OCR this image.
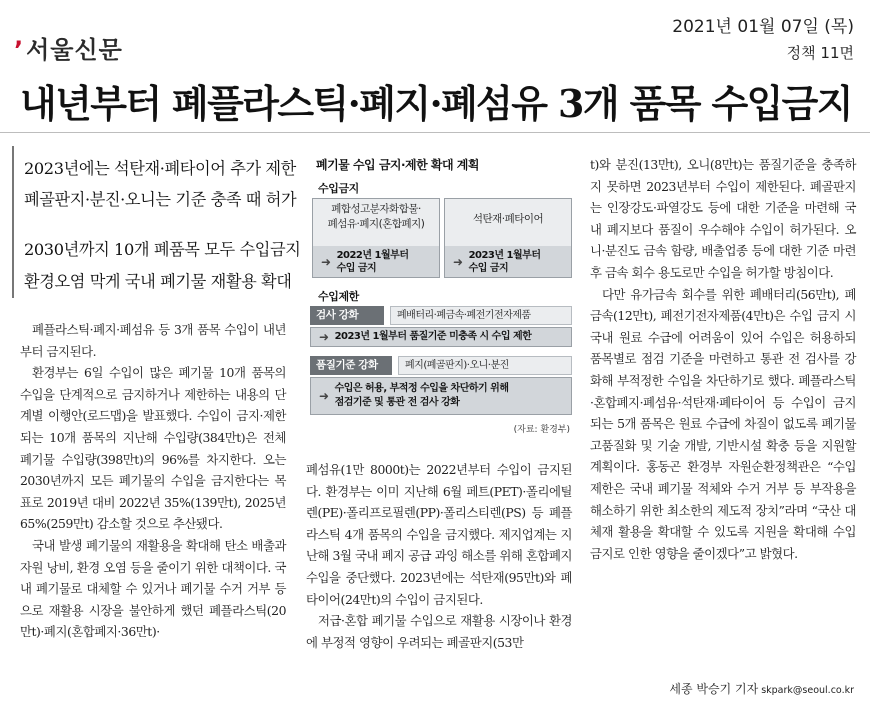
’서울신문
2021년 01월 07일 (목)
정책 11면
내년부터 폐플라스틱·폐지·폐섬유 3개 품목 수입금지
2023년에는 석탄재·폐타이어 추가 제한
폐골판지·분진·오니는 기준 충족 때 허가
2030년까지 10개 폐품목 모두 수입금지
환경오염 막게 국내 폐기물 재활용 확대

폐플라스틱·폐지·폐섬유 등 3개 품목 수입이 내년부터 금지된다.

환경부는 6일 수입이 많은 폐기물 10개 품목의 수입을 단계적으로 금지하거나 제한하는 내용의 단계별 이행안(로드맵)을 발표했다. 수입이 금지·제한되는 10개 품목의 지난해 수입량(384만t)은 전체 폐기물 수입량(398만t)의 96%를 차지한다. 오는 2030년까지 모든 폐기물의 수입을 금지한다는 목표로 2019년 대비 2022년 35%(139만t), 2025년 65%(259만t) 감소할 것으로 추산됐다.

국내 발생 폐기물의 재활용을 확대해 탄소 배출과 자원 낭비, 환경 오염 등을 줄이기 위한 대책이다. 국내 폐기물로 대체할 수 있거나 폐기물 수거 거부 등으로 재활용 시장을 불안하게 했던 폐플라스틱(20만t)·폐지(혼합폐지·36만t)·

폐섬유(1만 8000t)는 2022년부터 수입이 금지된다. 환경부는 이미 지난해 6월 페트(PET)·폴리에틸렌(PE)·폴리프로필렌(PP)·폴리스티렌(PS) 등 폐플라스틱 4개 품목의 수입을 금지했다. 제지업계는 지난해 3월 국내 폐지 공급 과잉 해소를 위해 혼합폐지 수입을 중단했다. 2023년에는 석탄재(95만t)와 폐타이어(24만t)의 수입이 금지된다.

저급·혼합 폐기물 수입으로 재활용 시장이나 환경에 부정적 영향이 우려되는 폐골판지(53만

t)와 분진(13만t), 오니(8만t)는 품질기준을 충족하지 못하면 2023년부터 수입이 제한된다. 폐골판지는 인장강도·파열강도 등에 대한 기준을 마련해 국내 폐지보다 품질이 우수해야 수입이 허가된다. 오니·분진도 금속 함량, 배출업종 등에 대한 기준 마련 후 금속 회수 용도로만 수입을 허가할 방침이다.

다만 유가금속 회수를 위한 폐배터리(56만t), 폐금속(12만t), 폐전기전자제품(4만t)은 수입 금지 시 국내 원료 수급에 어려움이 있어 수입은 허용하되 품목별로 점검 기준을 마련하고 통관 전 검사를 강화해 부적정한 수입을 차단하기로 했다. 폐플라스틱·혼합폐지·폐섬유·석탄재·폐타이어 등 수입이 금지되는 5개 품목은 원료 수급에 차질이 없도록 폐기물 고품질화 및 기술 개발, 기반시설 확충 등을 지원할 계획이다. 홍동곤 환경부 자원순환정책관은 “수입 제한은 국내 폐기물 적체와 수거 거부 등 부작용을 해소하기 위한 최소한의 제도적 장치”라며 “국산 대체재 활용을 확대할 수 있도록 지원을 확대해 수입 금지로 인한 영향을 줄이겠다”고 밝혔다.

세종 박승기 기자 skpark@seoul.co.kr
폐기물 수입 금지·제한 확대 계획
수입금지
폐합성고분자화합물·
폐섬유·폐지(혼합폐지)
➜ 2022년 1월부터
수입 금지
석탄재·폐타이어
➜ 2023년 1월부터
수입 금지
수입제한
검사 강화	폐배터리·폐금속·폐전기전자제품
➜ 2023년 1월부터 품질기준 미충족 시 수입 제한
품질기준 강화	폐지(폐골판지)·오니·분진
➜
수입은 허용, 부적정 수입을 차단하기 위해
점검기준 및 통관 전 검사 강화
(자료: 환경부)
